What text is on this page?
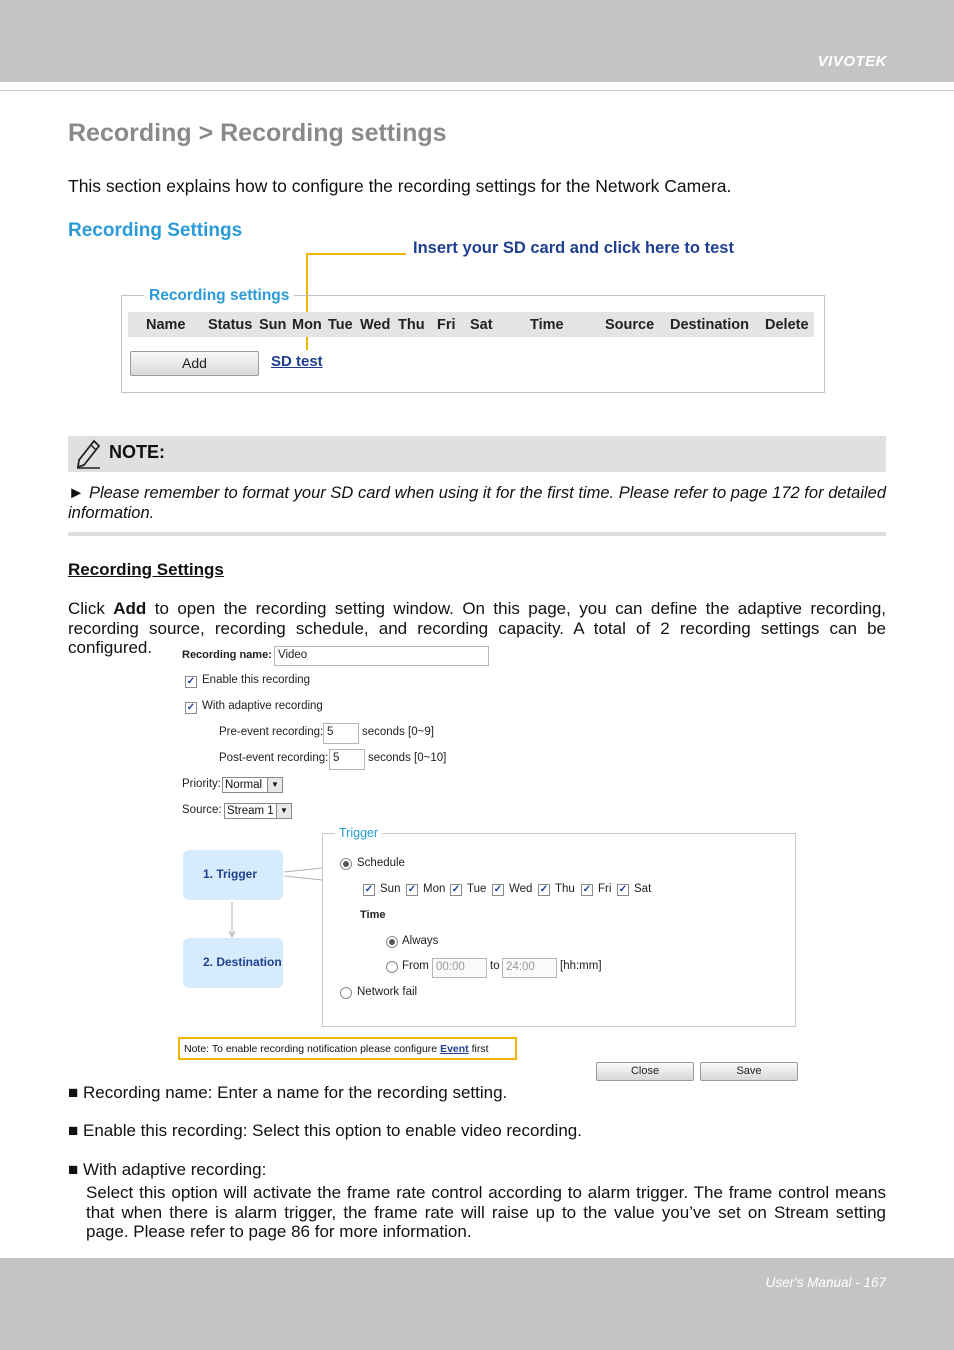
VIVOTEK
Recording > Recording settings
This section explains how to configure the recording settings for the Network Camera.
Recording Settings
Insert your SD card and click here to test
Recording settings
Name Status Sun Mon Tue Wed Thu Fri Sat	Time	Source Destination Delete
Add	SD test
NOTE:
► Please remember to format your SD card when using it for the first time. Please refer to page 172 for detailed information.
Recording Settings
Click Add to open the recording setting window. On this page, you can define the adaptive recording, recording source, recording schedule, and recording capacity. A total of 2 recording settings can be configured.	Recording name: Video
✓ Enable this recording
✓ With adaptive recording
Pre-event recording: 5	seconds [0~9]
Post-event recording: 5	seconds [0~10]
Priority: Normal	▼
Source: Stream 1 ▼
1. Trigger
2. Destination
Trigger
Schedule
✓ Sun ✓ Mon ✓ Tue ✓ Wed ✓ Thu ✓ Fri ✓ Sat
Time
Always
From 00:00	to 24:00	[hh:mm]
Network fail
Note: To enable recording notification please configure Event first
Close	Save
■ Recording name: Enter a name for the recording setting.
■ Enable this recording: Select this option to enable video recording.
■ With adaptive recording:
Select this option will activate the frame rate control according to alarm trigger. The frame control means that when there is alarm trigger, the frame rate will raise up to the value you’ve set on Stream setting page. Please refer to page 86 for more information.
User's Manual - 167
